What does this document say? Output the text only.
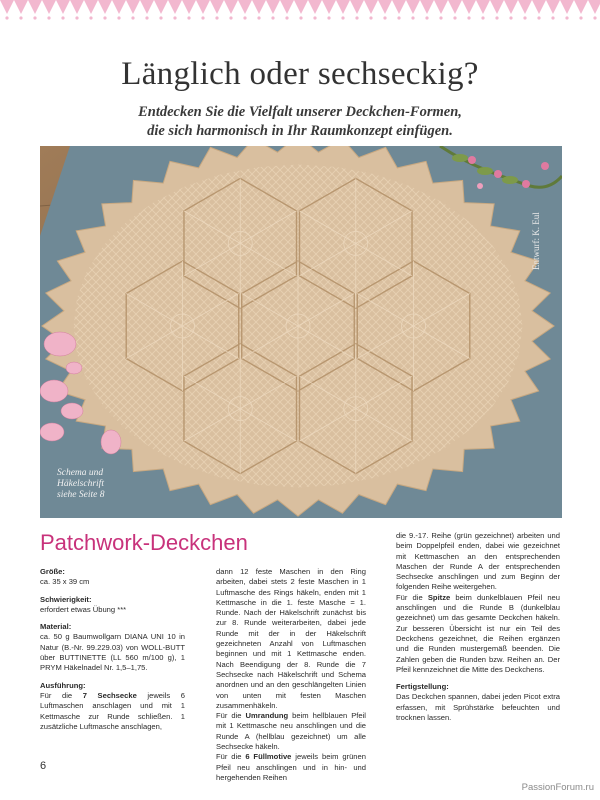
Länglich oder sechseckig?
Entdecken Sie die Vielfalt unserer Deckchen-Formen,
die sich harmonisch in Ihr Raumkonzept einfügen.
Entwurf: K. Eul
Schema und
Häkelschrift
siehe Seite 8
Patchwork-Deckchen
Größe:

ca. 35 x 39 cm

Schwierigkeit:

erfordert etwas Übung ***

Material:

ca. 50 g Baumwollgarn DIANA UNI 10 in Natur (B.-Nr. 99.229.03) von WOLL-BUTT über BUTTINETTE (LL 560 m/100 g), 1 PRYM Häkelnadel Nr. 1,5–1,75.

Ausführung:

Für die 7 Sechsecke jeweils 6 Luftmaschen anschlagen und mit 1 Kettmasche zur Runde schließen. 1 zusätzliche Luftmasche anschlagen,

dann 12 feste Maschen in den Ring arbeiten, dabei stets 2 feste Maschen in 1 Luftmasche des Rings häkeln, enden mit 1 Kettmasche in die 1. feste Masche = 1. Runde. Nach der Häkelschrift zunächst bis zur 8. Runde weiterarbeiten, dabei jede Runde mit der in der Häkelschrift gezeichneten Anzahl von Luftmaschen beginnen und mit 1 Kettmasche enden. Nach Beendigung der 8. Runde die 7 Sechsecke nach Häkelschrift und Schema anordnen und an den geschlängelten Linien von unten mit festen Maschen zusammenhäkeln.

Für die Umrandung beim hellblauen Pfeil mit 1 Kettmasche neu anschlingen und die Runde A (hellblau gezeichnet) um alle Sechsecke häkeln.

Für die 6 Füllmotive jeweils beim grünen Pfeil neu anschlingen und in hin- und hergehenden Reihen

die 9.-17. Reihe (grün gezeichnet) arbeiten und beim Doppelpfeil enden, dabei wie gezeichnet mit Kettmaschen an den entsprechenden Maschen der Runde A der entsprechenden Sechsecke anschlingen und zum Beginn der folgenden Reihe weitergehen.

Für die Spitze beim dunkelblauen Pfeil neu anschlingen und die Runde B (dunkelblau gezeichnet) um das gesamte Deckchen häkeln. Zur besseren Übersicht ist nur ein Teil des Deckchens gezeichnet, die Reihen ergänzen und die Runden mustergemäß beenden. Die Zahlen geben die Runden bzw. Reihen an. Der Pfeil kennzeichnet die Mitte des Deckchens.

Fertigstellung:

Das Deckchen spannen, dabei jeden Picot extra erfassen, mit Sprühstärke befeuchten und trocknen lassen.

6
PassionForum.ru
